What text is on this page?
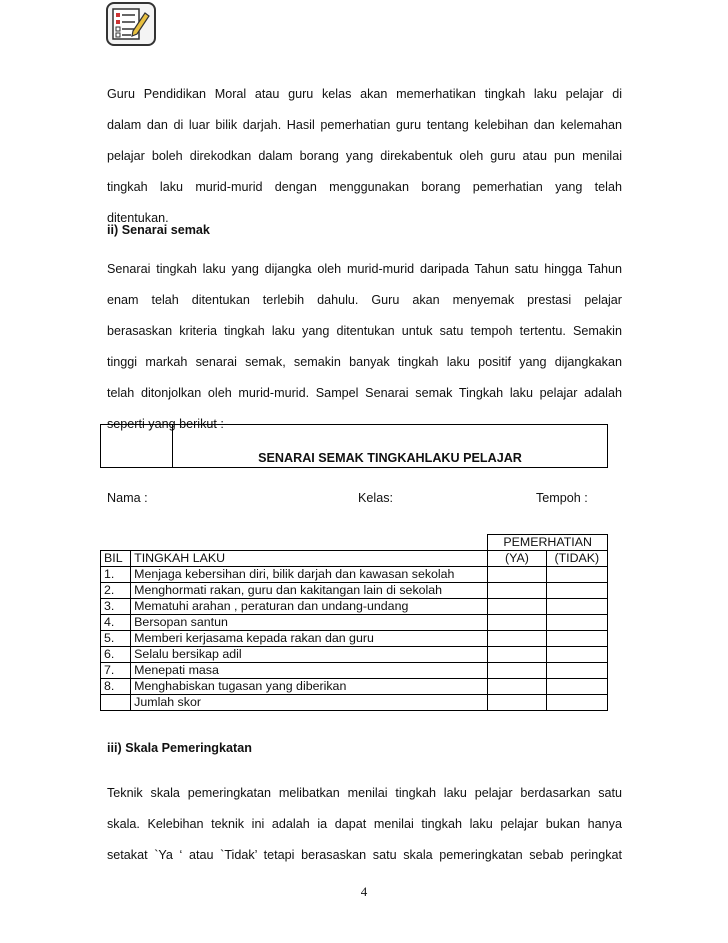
Guru Pendidikan Moral atau guru kelas akan memerhatikan tingkah laku pelajar di
dalam dan di luar bilik darjah. Hasil pemerhatian guru tentang kelebihan dan kelemahan
pelajar boleh direkodkan dalam borang yang direkabentuk oleh guru atau pun menilai
tingkah laku murid-murid dengan menggunakan borang pemerhatian yang telah
ditentukan.
ii) Senarai semak
Senarai tingkah laku yang dijangka oleh murid-murid daripada Tahun satu hingga Tahun
enam telah ditentukan terlebih dahulu. Guru akan menyemak prestasi pelajar
berasaskan kriteria tingkah laku yang ditentukan untuk satu tempoh tertentu. Semakin
tinggi markah senarai semak, semakin banyak tingkah laku positif yang dijangkakan
telah ditonjolkan oleh murid-murid. Sampel Senarai semak Tingkah laku pelajar adalah
seperti yang berikut :-
SENARAI SEMAK TINGKAHLAKU PELAJAR
Nama :	Kelas:	Tempoh :
		PEMERHATIAN	
BIL	TINGKAH LAKU	(YA)	(TIDAK)
1.	Menjaga kebersihan diri, bilik darjah dan kawasan sekolah		
2.	Menghormati rakan, guru dan kakitangan lain di sekolah		
3.	Mematuhi arahan , peraturan dan undang-undang		
4.	Bersopan santun		
5.	Memberi kerjasama kepada rakan dan guru		
6.	Selalu bersikap adil		
7.	Menepati masa		
8.	Menghabiskan tugasan yang diberikan		
	Jumlah skor		
iii) Skala Pemeringkatan
Teknik skala pemeringkatan melibatkan menilai tingkah laku pelajar berdasarkan satu
skala. Kelebihan teknik ini adalah ia dapat menilai tingkah laku pelajar bukan hanya
setakat `Ya ‘ atau `Tidak’ tetapi berasaskan satu skala pemeringkatan sebab peringkat
4
